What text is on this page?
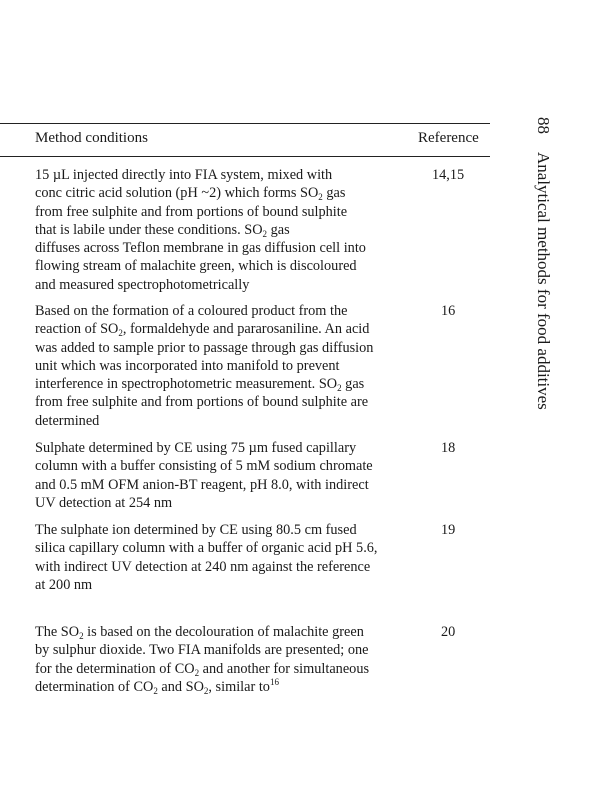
Method conditions	Reference
15 µL injected directly into FIA system, mixed with
conc citric acid solution (pH ~2) which forms $SO_2$ gas
from free sulphite and from portions of bound sulphite
that is labile under these conditions. $SO_2$ gas
diffuses across Teflon membrane in gas diffusion cell into
flowing stream of malachite green, which is discoloured
and measured spectrophotometrically
14,15
Based on the formation of a coloured product from the
reaction of $SO_2$, formaldehyde and pararosaniline. An acid
was added to sample prior to passage through gas diffusion
unit which was incorporated into manifold to prevent
interference in spectrophotometric measurement. $SO_2$ gas
from free sulphite and from portions of bound sulphite are
determined
16
Sulphate determined by CE using 75 µm fused capillary
column with a buffer consisting of 5 mM sodium chromate
and 0.5 mM OFM anion-BT reagent, pH 8.0, with indirect
UV detection at 254 nm
18
The sulphate ion determined by CE using 80.5 cm fused
silica capillary column with a buffer of organic acid pH 5.6,
with indirect UV detection at 240 nm against the reference
at 200 nm
19
The $SO_2$ is based on the decolouration of malachite green
by sulphur dioxide. Two FIA manifolds are presented; one
for the determination of $CO_2$ and another for simultaneous
determination of $CO_2$ and $SO_2$, similar $to^{16}$
20
88
Analytical methods for food additives
